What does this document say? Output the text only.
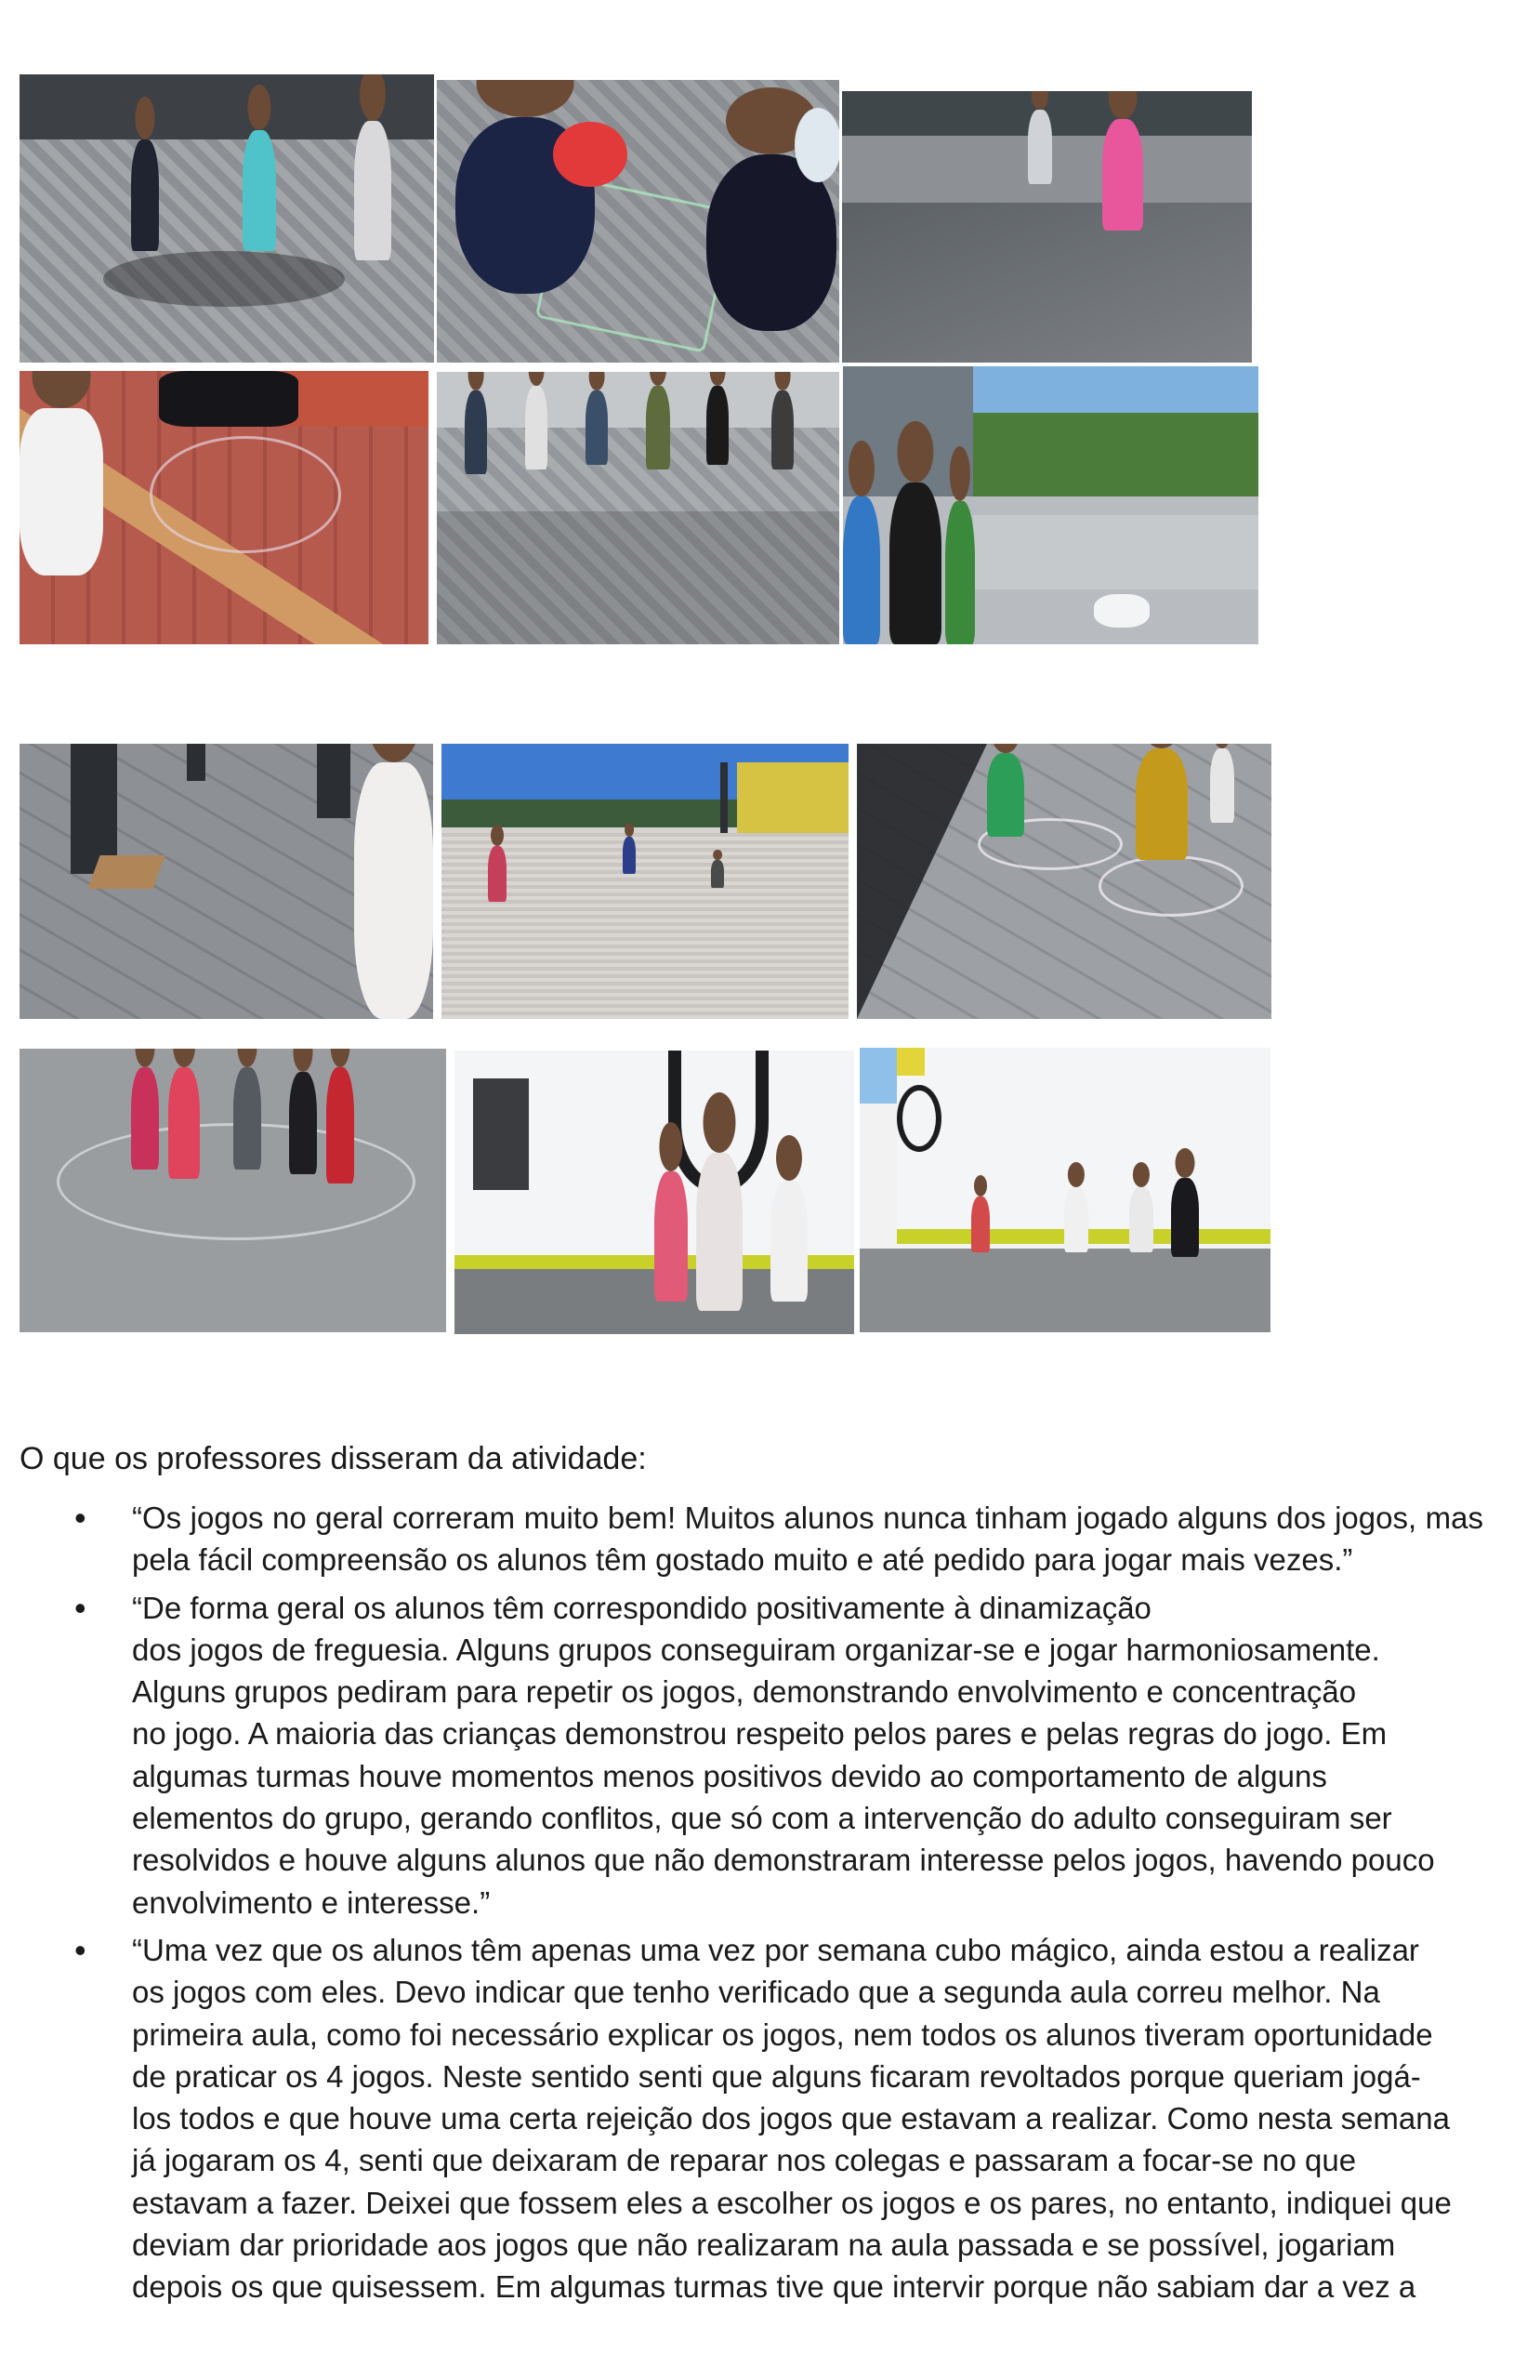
O que os professores disseram da atividade:
• “Os jogos no geral correram muito bem! Muitos alunos nunca tinham jogado alguns dos jogos, mas pela fácil compreensão os alunos têm gostado muito e até pedido para jogar mais vezes.”
• “De forma geral os alunos têm correspondido positivamente à dinamização
dos jogos de freguesia. Alguns grupos conseguiram organizar-se e jogar harmoniosamente.
Alguns grupos pediram para repetir os jogos, demonstrando envolvimento e concentração
no jogo. A maioria das crianças demonstrou respeito pelos pares e pelas regras do jogo. Em
algumas turmas houve momentos menos positivos devido ao comportamento de alguns
elementos do grupo, gerando conflitos, que só com a intervenção do adulto conseguiram ser
resolvidos e houve alguns alunos que não demonstraram interesse pelos jogos, havendo pouco
envolvimento e interesse.”
• “Uma vez que os alunos têm apenas uma vez por semana cubo mágico, ainda estou a realizar
os jogos com eles. Devo indicar que tenho verificado que a segunda aula correu melhor. Na
primeira aula, como foi necessário explicar os jogos, nem todos os alunos tiveram oportunidade
de praticar os 4 jogos. Neste sentido senti que alguns ficaram revoltados porque queriam jogá-
los todos e que houve uma certa rejeição dos jogos que estavam a realizar. Como nesta semana
já jogaram os 4, senti que deixaram de reparar nos colegas e passaram a focar-se no que
estavam a fazer. Deixei que fossem eles a escolher os jogos e os pares, no entanto, indiquei que
deviam dar prioridade aos jogos que não realizaram na aula passada e se possível, jogariam
depois os que quisessem. Em algumas turmas tive que intervir porque não sabiam dar a vez a
